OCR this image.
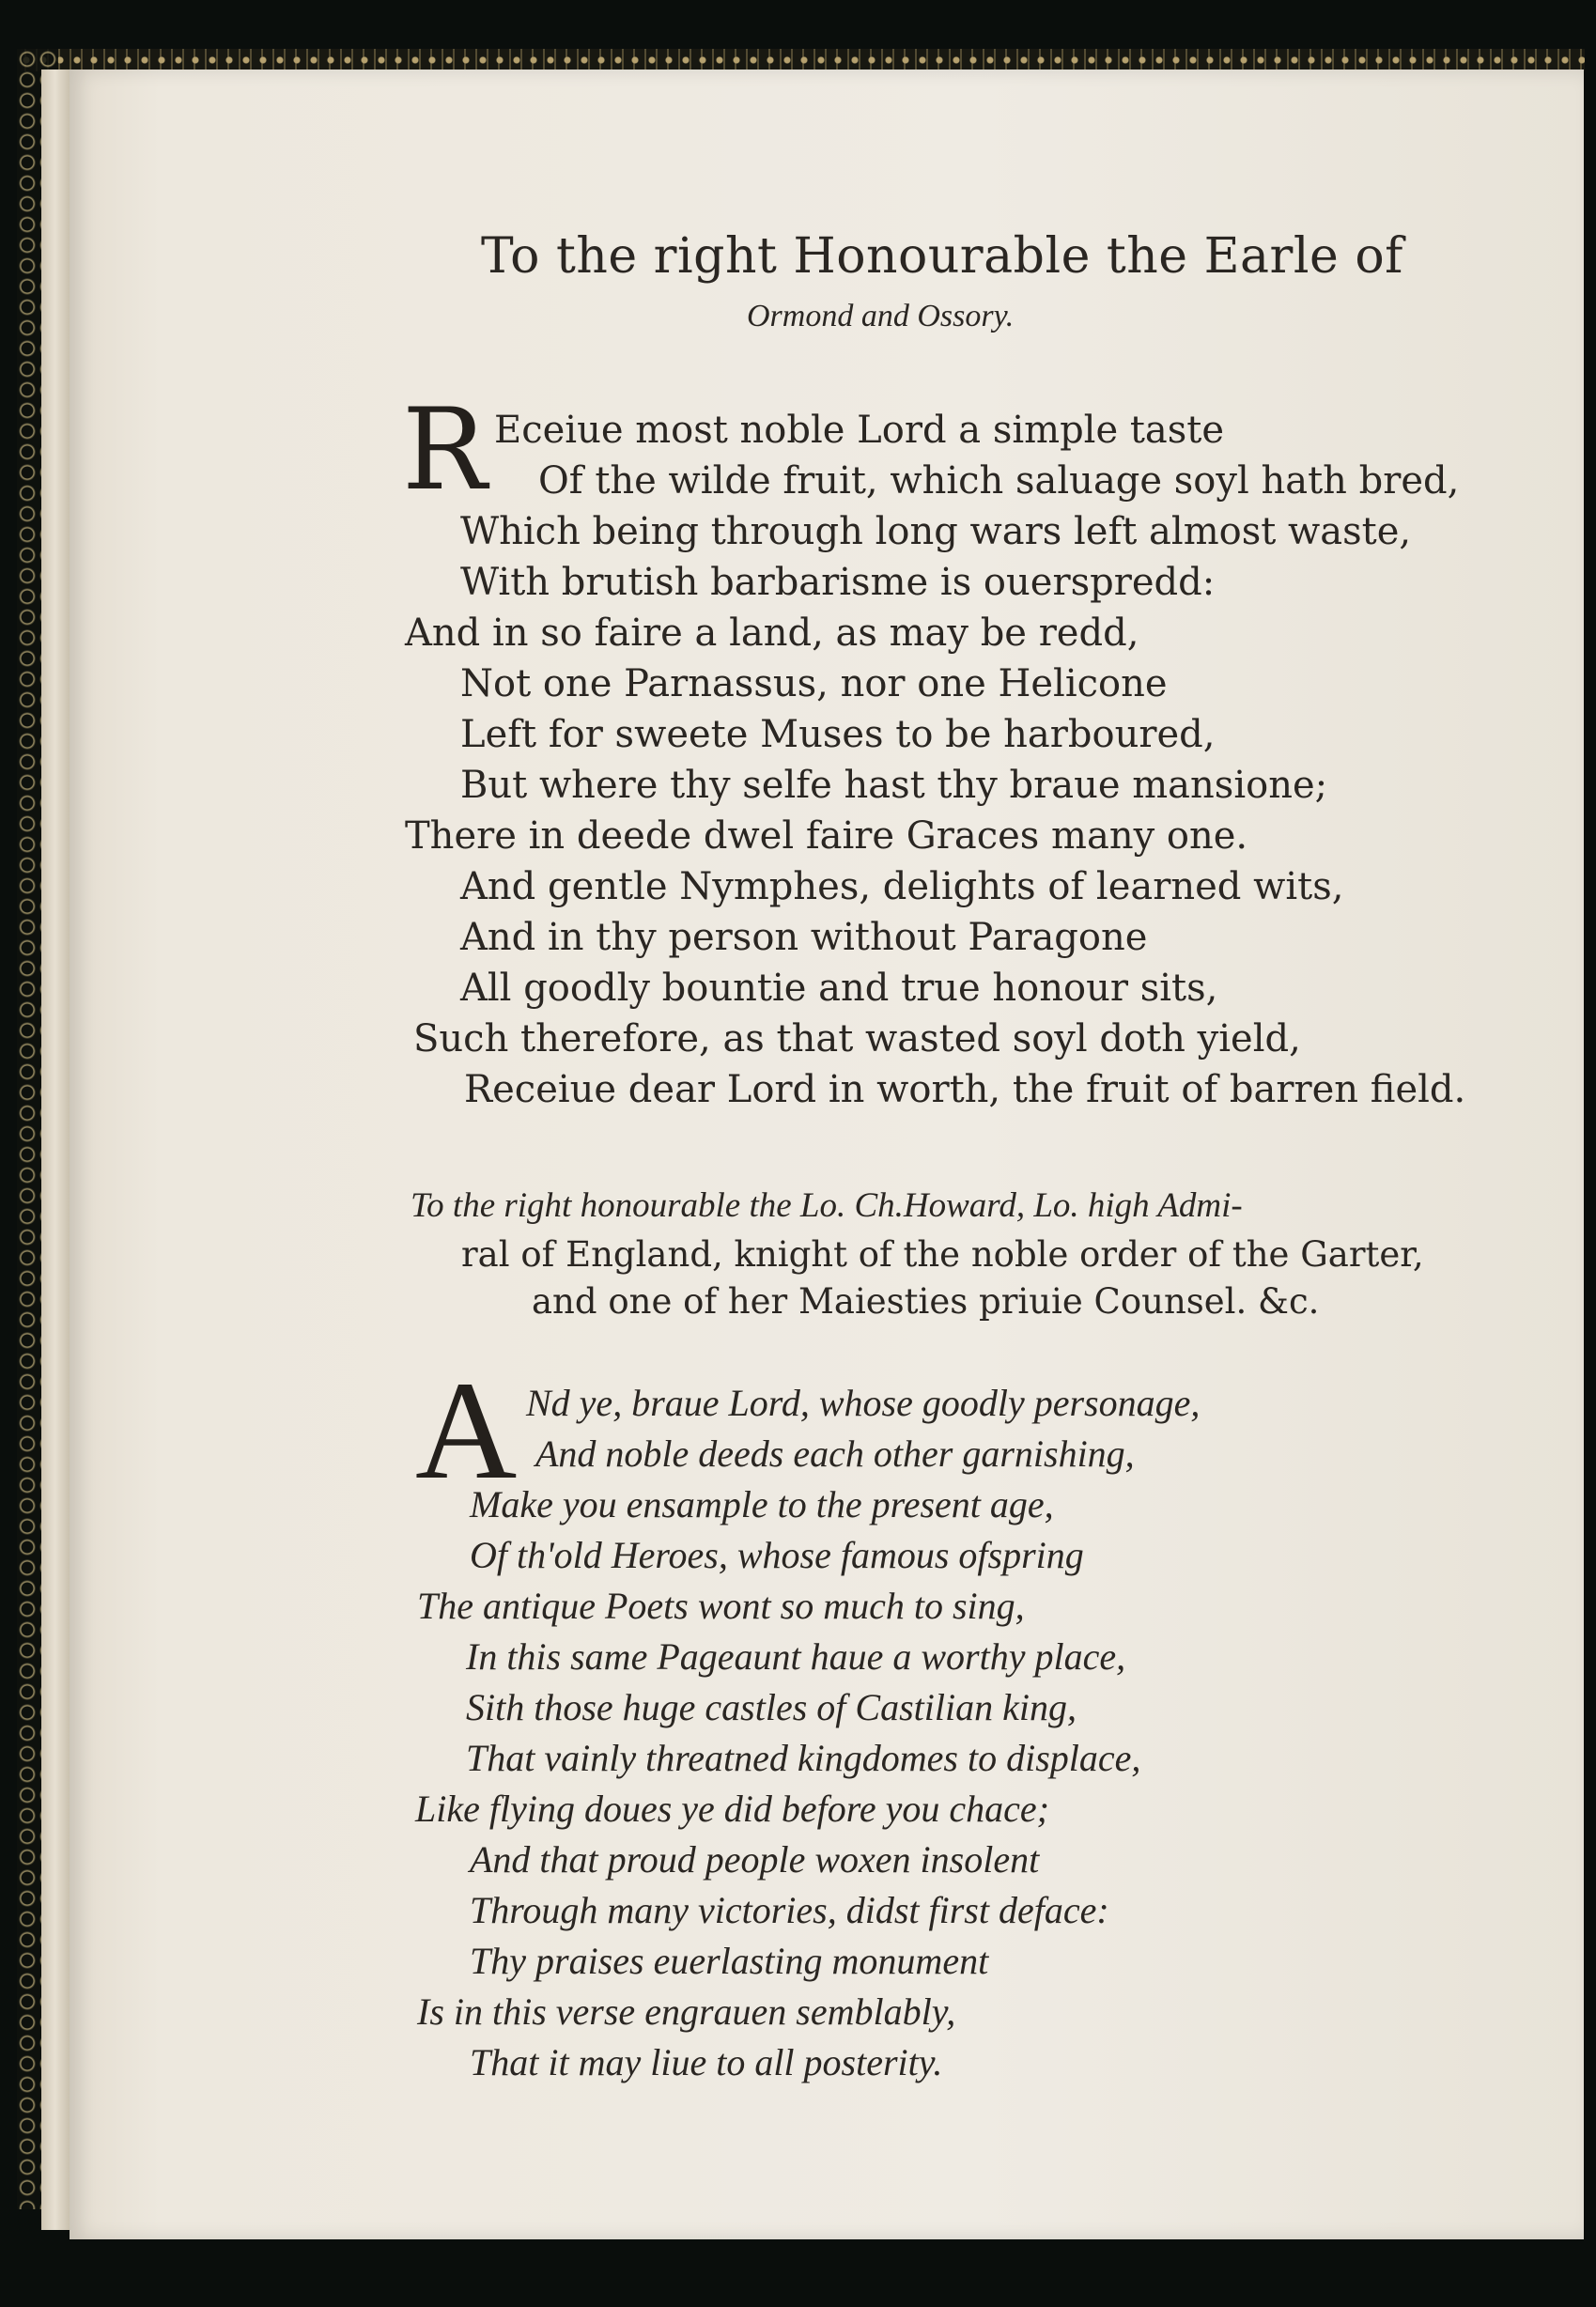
To the right Honourable the Earle of
Ormond and Ossory.
R Eceiue most noble Lord a simple taste
Of the wilde fruit, which saluage soyl hath bred,
Which being through long wars left almost waste,
With brutish barbarisme is ouerspredd:
And in so faire a land, as may be redd,
Not one Parnassus, nor one Helicone
Left for sweete Muses to be harboured,
But where thy selfe hast thy braue mansione;
There in deede dwel faire Graces many one.
And gentle Nymphes, delights of learned wits,
And in thy person without Paragone
All goodly bountie and true honour sits,
Such therefore, as that wasted soyl doth yield,
Receiue dear Lord in worth, the fruit of barren field.
To the right honourable the Lo. Ch.Howard, Lo. high Admi-
ral of England, knight of the noble order of the Garter,
and one of her Maiesties priuie Counsel. &c.
A Nd ye, braue Lord, whose goodly personage,
And noble deeds each other garnishing,
Make you ensample to the present age,
Of th'old Heroes, whose famous ofspring
The antique Poets wont so much to sing,
In this same Pageaunt haue a worthy place,
Sith those huge castles of Castilian king,
That vainly threatned kingdomes to displace,
Like flying doues ye did before you chace;
And that proud people woxen insolent
Through many victories, didst first deface:
Thy praises euerlasting monument
Is in this verse engrauen semblably,
That it may liue to all posterity.
